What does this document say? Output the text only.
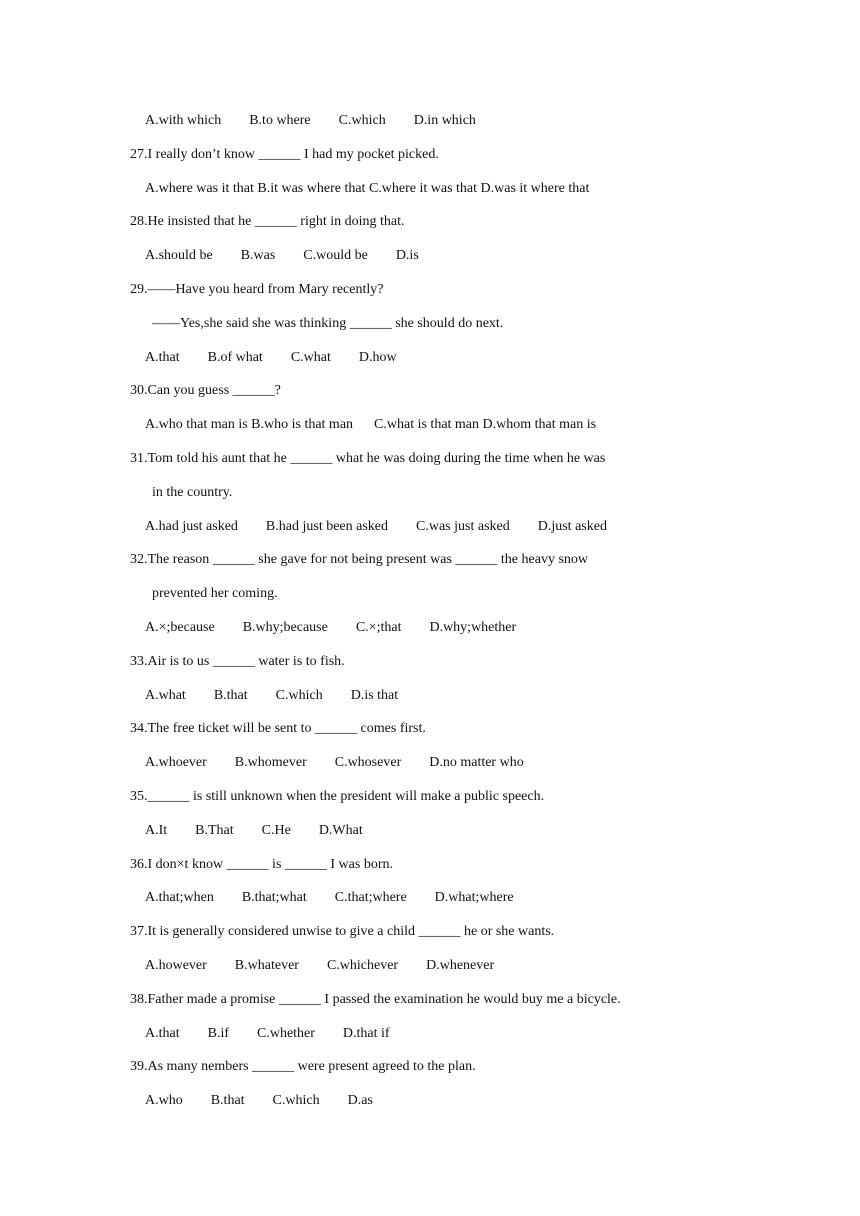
A.with which        B.to where        C.which        D.in which
27.I really don’t know ______ I had my pocket picked.
A.where was it that B.it was where that C.where it was that D.was it where that
28.He insisted that he ______ right in doing that.
A.should be        B.was        C.would be        D.is
29.——Have you heard from Mary recently?
——Yes,she said she was thinking ______ she should do next.
A.that        B.of what        C.what        D.how
30.Can you guess ______?
A.who that man is B.who is that man      C.what is that man D.whom that man is
31.Tom told his aunt that he ______ what he was doing during the time when he was
in the country.
A.had just asked        B.had just been asked        C.was just asked        D.just asked
32.The reason ______ she gave for not being present was ______ the heavy snow
prevented her coming.
A.×;because        B.why;because        C.×;that        D.why;whether
33.Air is to us ______ water is to fish.
A.what        B.that        C.which        D.is that
34.The free ticket will be sent to ______ comes first.
A.whoever        B.whomever        C.whosever        D.no matter who
35.______ is still unknown when the president will make a public speech.
A.It        B.That        C.He        D.What
36.I don×t know ______ is ______ I was born.
A.that;when        B.that;what        C.that;where        D.what;where
37.It is generally considered unwise to give a child ______ he or she wants.
A.however        B.whatever        C.whichever        D.whenever
38.Father made a promise ______ I passed the examination he would buy me a bicycle.
A.that        B.if        C.whether        D.that if
39.As many nembers ______ were present agreed to the plan.
A.who        B.that        C.which        D.as
